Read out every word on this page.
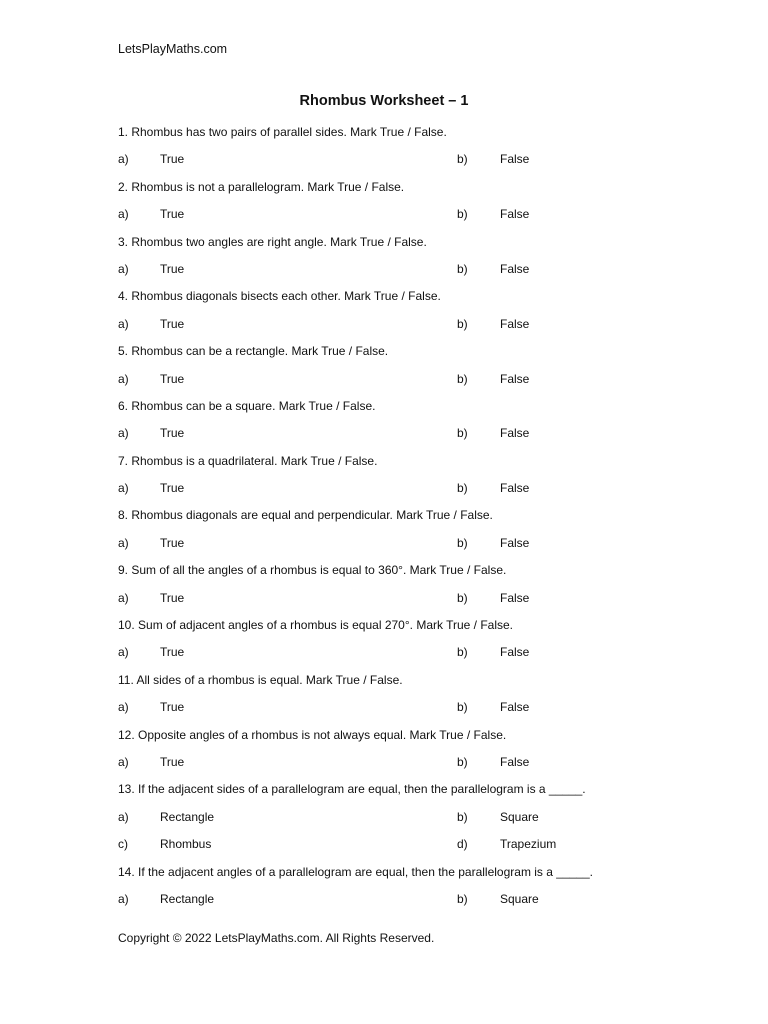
LetsPlayMaths.com
Rhombus Worksheet – 1
1. Rhombus has two pairs of parallel sides. Mark True / False.
a)	True	b)	False
2. Rhombus is not a parallelogram. Mark True / False.
a)	True	b)	False
3. Rhombus two angles are right angle. Mark True / False.
a)	True	b)	False
4. Rhombus diagonals bisects each other. Mark True / False.
a)	True	b)	False
5. Rhombus can be a rectangle. Mark True / False.
a)	True	b)	False
6. Rhombus can be a square. Mark True / False.
a)	True	b)	False
7. Rhombus is a quadrilateral. Mark True / False.
a)	True	b)	False
8. Rhombus diagonals are equal and perpendicular. Mark True / False.
a)	True	b)	False
9. Sum of all the angles of a rhombus is equal to 360°. Mark True / False.
a)	True	b)	False
10. Sum of adjacent angles of a rhombus is equal 270°. Mark True / False.
a)	True	b)	False
11. All sides of a rhombus is equal. Mark True / False.
a)	True	b)	False
12. Opposite angles of a rhombus is not always equal. Mark True / False.
a)	True	b)	False
13. If the adjacent sides of a parallelogram are equal, then the parallelogram is a _____.
a)	Rectangle	b)	Square
c)	Rhombus	d)	Trapezium
14. If the adjacent angles of a parallelogram are equal, then the parallelogram is a _____.
a)	Rectangle	b)	Square
Copyright © 2022 LetsPlayMaths.com. All Rights Reserved.
